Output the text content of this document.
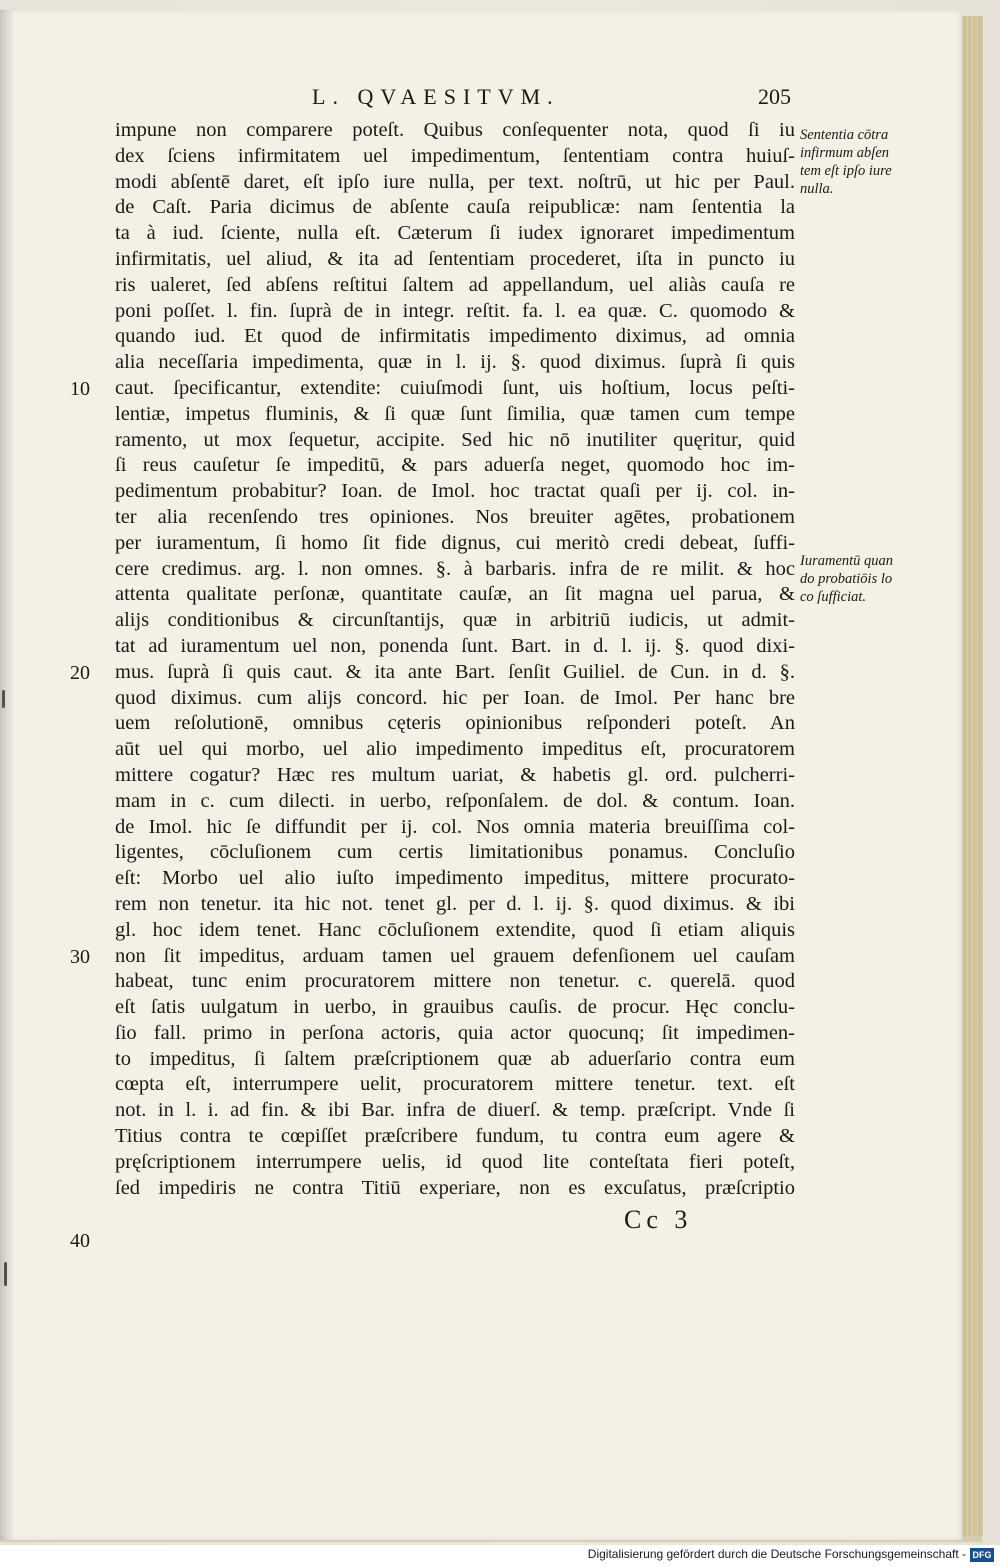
L. QVAESITVM.	205
impune non comparere poteſt. Quibus conſequenter nota, quod ſi iu
dex ſciens infirmitatem uel impedimentum, ſententiam contra huiuſ-
modi abſentē daret, eſt ipſo iure nulla, per text. noſtrū, ut hic per Paul.
de Caſt. Paria dicimus de abſente cauſa reipublicæ: nam ſententia la
ta à iud. ſciente, nulla eſt. Cæterum ſi iudex ignoraret impedimentum
infirmitatis, uel aliud, & ita ad ſententiam procederet, iſta in puncto iu
ris ualeret, ſed abſens reſtitui ſaltem ad appellandum, uel aliàs cauſa re
poni poſſet. l. fin. ſuprà de in integr. reſtit. fa. l. ea quæ. C. quomodo &
quando iud. Et quod de infirmitatis impedimento diximus, ad omnia
alia neceſſaria impedimenta, quæ in l. ij. §. quod diximus. ſuprà ſi quis
caut. ſpecificantur, extendite: cuiuſmodi ſunt, uis hoſtium, locus peſti-
lentiæ, impetus fluminis, & ſi quæ ſunt ſimilia, quæ tamen cum tempe
ramento, ut mox ſequetur, accipite. Sed hic nō inutiliter quęritur, quid
ſi reus cauſetur ſe impeditū, & pars aduerſa neget, quomodo hoc im-
pedimentum probabitur? Ioan. de Imol. hoc tractat quaſi per ij. col. in-
ter alia recenſendo tres opiniones. Nos breuiter agētes, probationem
per iuramentum, ſi homo ſit fide dignus, cui meritò credi debeat, ſuffi-
cere credimus. arg. l. non omnes. §. à barbaris. infra de re milit. & hoc
attenta qualitate perſonæ, quantitate cauſæ, an ſit magna uel parua, &
alijs conditionibus & circunſtantijs, quæ in arbitriū iudicis, ut admit-
tat ad iuramentum uel non, ponenda ſunt. Bart. in d. l. ij. §. quod dixi-
mus. ſuprà ſi quis caut. & ita ante Bart. ſenſit Guiliel. de Cun. in d. §.
quod diximus. cum alijs concord. hic per Ioan. de Imol. Per hanc bre
uem reſolutionē, omnibus cęteris opinionibus reſponderi poteſt. An
aūt uel qui morbo, uel alio impedimento impeditus eſt, procuratorem
mittere cogatur? Hæc res multum uariat, & habetis gl. ord. pulcherri-
mam in c. cum dilecti. in uerbo, reſponſalem. de dol. & contum. Ioan.
de Imol. hic ſe diffundit per ij. col. Nos omnia materia breuiſſima col-
ligentes, cōcluſionem cum certis limitationibus ponamus. Concluſio
eſt: Morbo uel alio iuſto impedimento impeditus, mittere procurato-
rem non tenetur. ita hic not. tenet gl. per d. l. ij. §. quod diximus. & ibi
gl. hoc idem tenet. Hanc cōcluſionem extendite, quod ſi etiam aliquis
non ſit impeditus, arduam tamen uel grauem defenſionem uel cauſam
habeat, tunc enim procuratorem mittere non tenetur. c. querelā. quod
eſt ſatis uulgatum in uerbo, in grauibus cauſis. de procur. Hęc conclu-
ſio fall. primo in perſona actoris, quia actor quocunq; ſit impedimen-
to impeditus, ſi ſaltem præſcriptionem quæ ab aduerſario contra eum
cœpta eſt, interrumpere uelit, procuratorem mittere tenetur. text. eſt
not. in l. i. ad fin. & ibi Bar. infra de diuerſ. & temp. præſcript. Vnde ſi
Titius contra te cœpiſſet præſcribere fundum, tu contra eum agere &
pręſcriptionem interrumpere uelis, id quod lite conteſtata fieri poteſt,
ſed impediris ne contra Titiū experiare, non es excuſatus, præſcriptio
10
20
30
40
Sententia cōtra
infirmum abſen
tem eſt ipſo iure
nulla.
Iuramentū quan
do probatiōis lo
co ſufficiat.
Cc 3
Digitalisierung gefördert durch die Deutsche Forschungsgemeinschaft - DFG
